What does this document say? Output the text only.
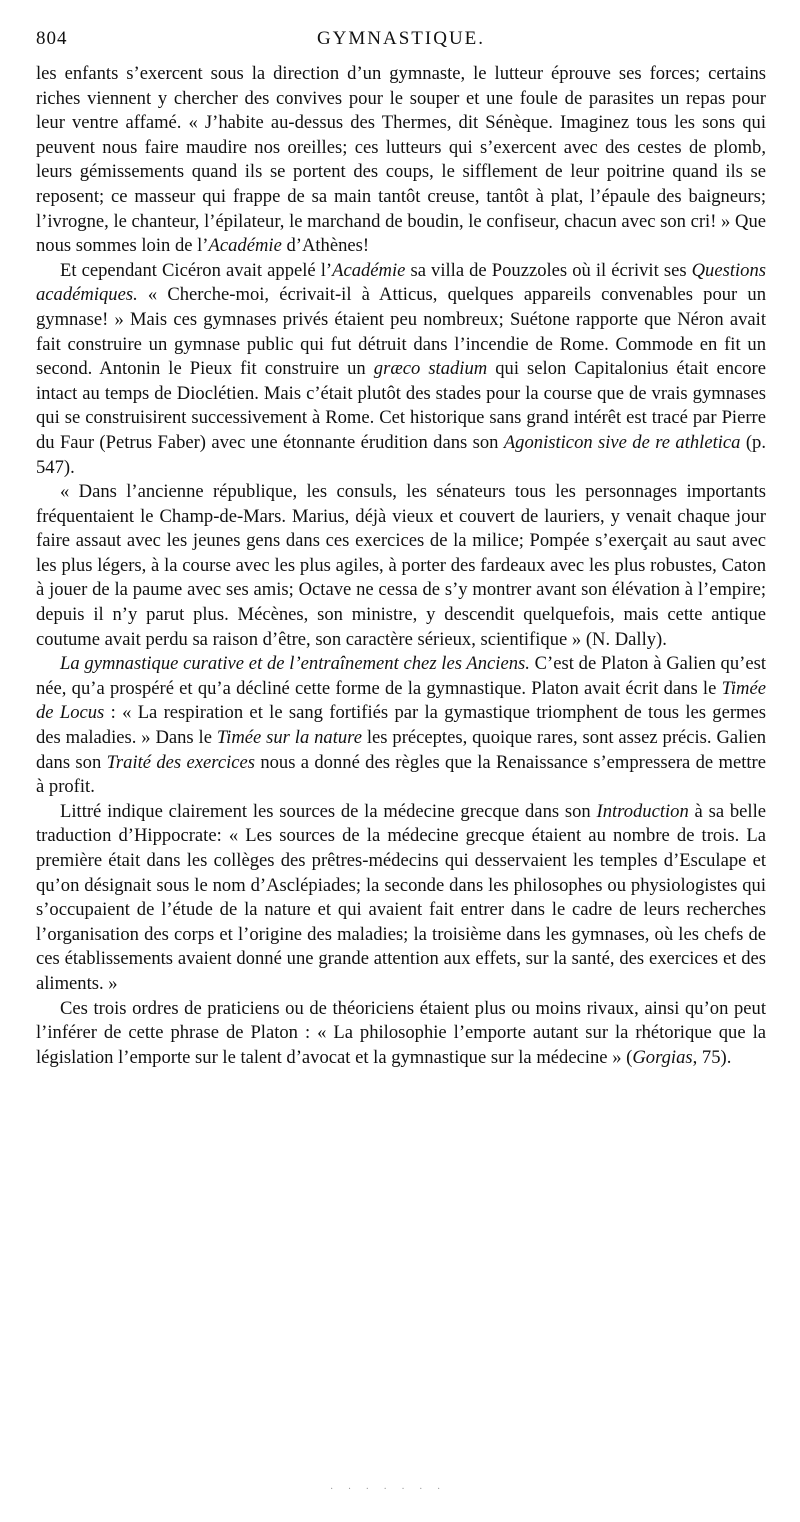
804	GYMNASTIQUE.

les enfants s’exercent sous la direction d’un gymnaste, le lutteur éprouve ses forces; certains riches viennent y chercher des convives pour le souper et une foule de parasites un repas pour leur ventre affamé. « J’habite au-dessus des Thermes, dit Sénèque. Imaginez tous les sons qui peuvent nous faire maudire nos oreilles; ces lutteurs qui s’exercent avec des cestes de plomb, leurs gémissements quand ils se portent des coups, le sifflement de leur poitrine quand ils se reposent; ce masseur qui frappe de sa main tantôt creuse, tantôt à plat, l’épaule des baigneurs; l’ivrogne, le chanteur, l’épilateur, le marchand de boudin, le confiseur, chacun avec son cri! » Que nous sommes loin de l’Académie d’Athènes!

Et cependant Cicéron avait appelé l’Académie sa villa de Pouzzoles où il écrivit ses Questions académiques. « Cherche-moi, écrivait-il à Atticus, quelques appareils convenables pour un gymnase! » Mais ces gymnases privés étaient peu nombreux; Suétone rapporte que Néron avait fait construire un gymnase public qui fut détruit dans l’incendie de Rome. Commode en fit un second. Antonin le Pieux fit construire un græco stadium qui selon Capitalonius était encore intact au temps de Dioclétien. Mais c’était plutôt des stades pour la course que de vrais gymnases qui se construisirent successivement à Rome. Cet historique sans grand intérêt est tracé par Pierre du Faur (Petrus Faber) avec une étonnante érudition dans son Agonisticon sive de re athletica (p. 547).

« Dans l’ancienne république, les consuls, les sénateurs tous les personnages importants fréquentaient le Champ-de-Mars. Marius, déjà vieux et couvert de lauriers, y venait chaque jour faire assaut avec les jeunes gens dans ces exercices de la milice; Pompée s’exerçait au saut avec les plus légers, à la course avec les plus agiles, à porter des fardeaux avec les plus robustes, Caton à jouer de la paume avec ses amis; Octave ne cessa de s’y montrer avant son élévation à l’empire; depuis il n’y parut plus. Mécènes, son ministre, y descendit quelquefois, mais cette antique coutume avait perdu sa raison d’être, son caractère sérieux, scientifique » (N. Dally).

La gymnastique curative et de l’entraînement chez les Anciens. C’est de Platon à Galien qu’est née, qu’a prospéré et qu’a décliné cette forme de la gymnastique. Platon avait écrit dans le Timée de Locus : « La respiration et le sang fortifiés par la gymastique triomphent de tous les germes des maladies. » Dans le Timée sur la nature les préceptes, quoique rares, sont assez précis. Galien dans son Traité des exercices nous a donné des règles que la Renaissance s’empressera de mettre à profit.

Littré indique clairement les sources de la médecine grecque dans son Introduction à sa belle traduction d’Hippocrate: « Les sources de la médecine grecque étaient au nombre de trois. La première était dans les collèges des prêtres-médecins qui desservaient les temples d’Esculape et qu’on désignait sous le nom d’Asclépiades; la seconde dans les philosophes ou physiologistes qui s’occupaient de l’étude de la nature et qui avaient fait entrer dans le cadre de leurs recherches l’organisation des corps et l’origine des maladies; la troisième dans les gymnases, où les chefs de ces établissements avaient donné une grande attention aux effets, sur la santé, des exercices et des aliments. »

Ces trois ordres de praticiens ou de théoriciens étaient plus ou moins rivaux, ainsi qu’on peut l’inférer de cette phrase de Platon : « La philosophie l’emporte autant sur la rhétorique que la législation l’emporte sur le talent d’avocat et la gymnastique sur la médecine » (Gorgias, 75).

· · · · · · ·
